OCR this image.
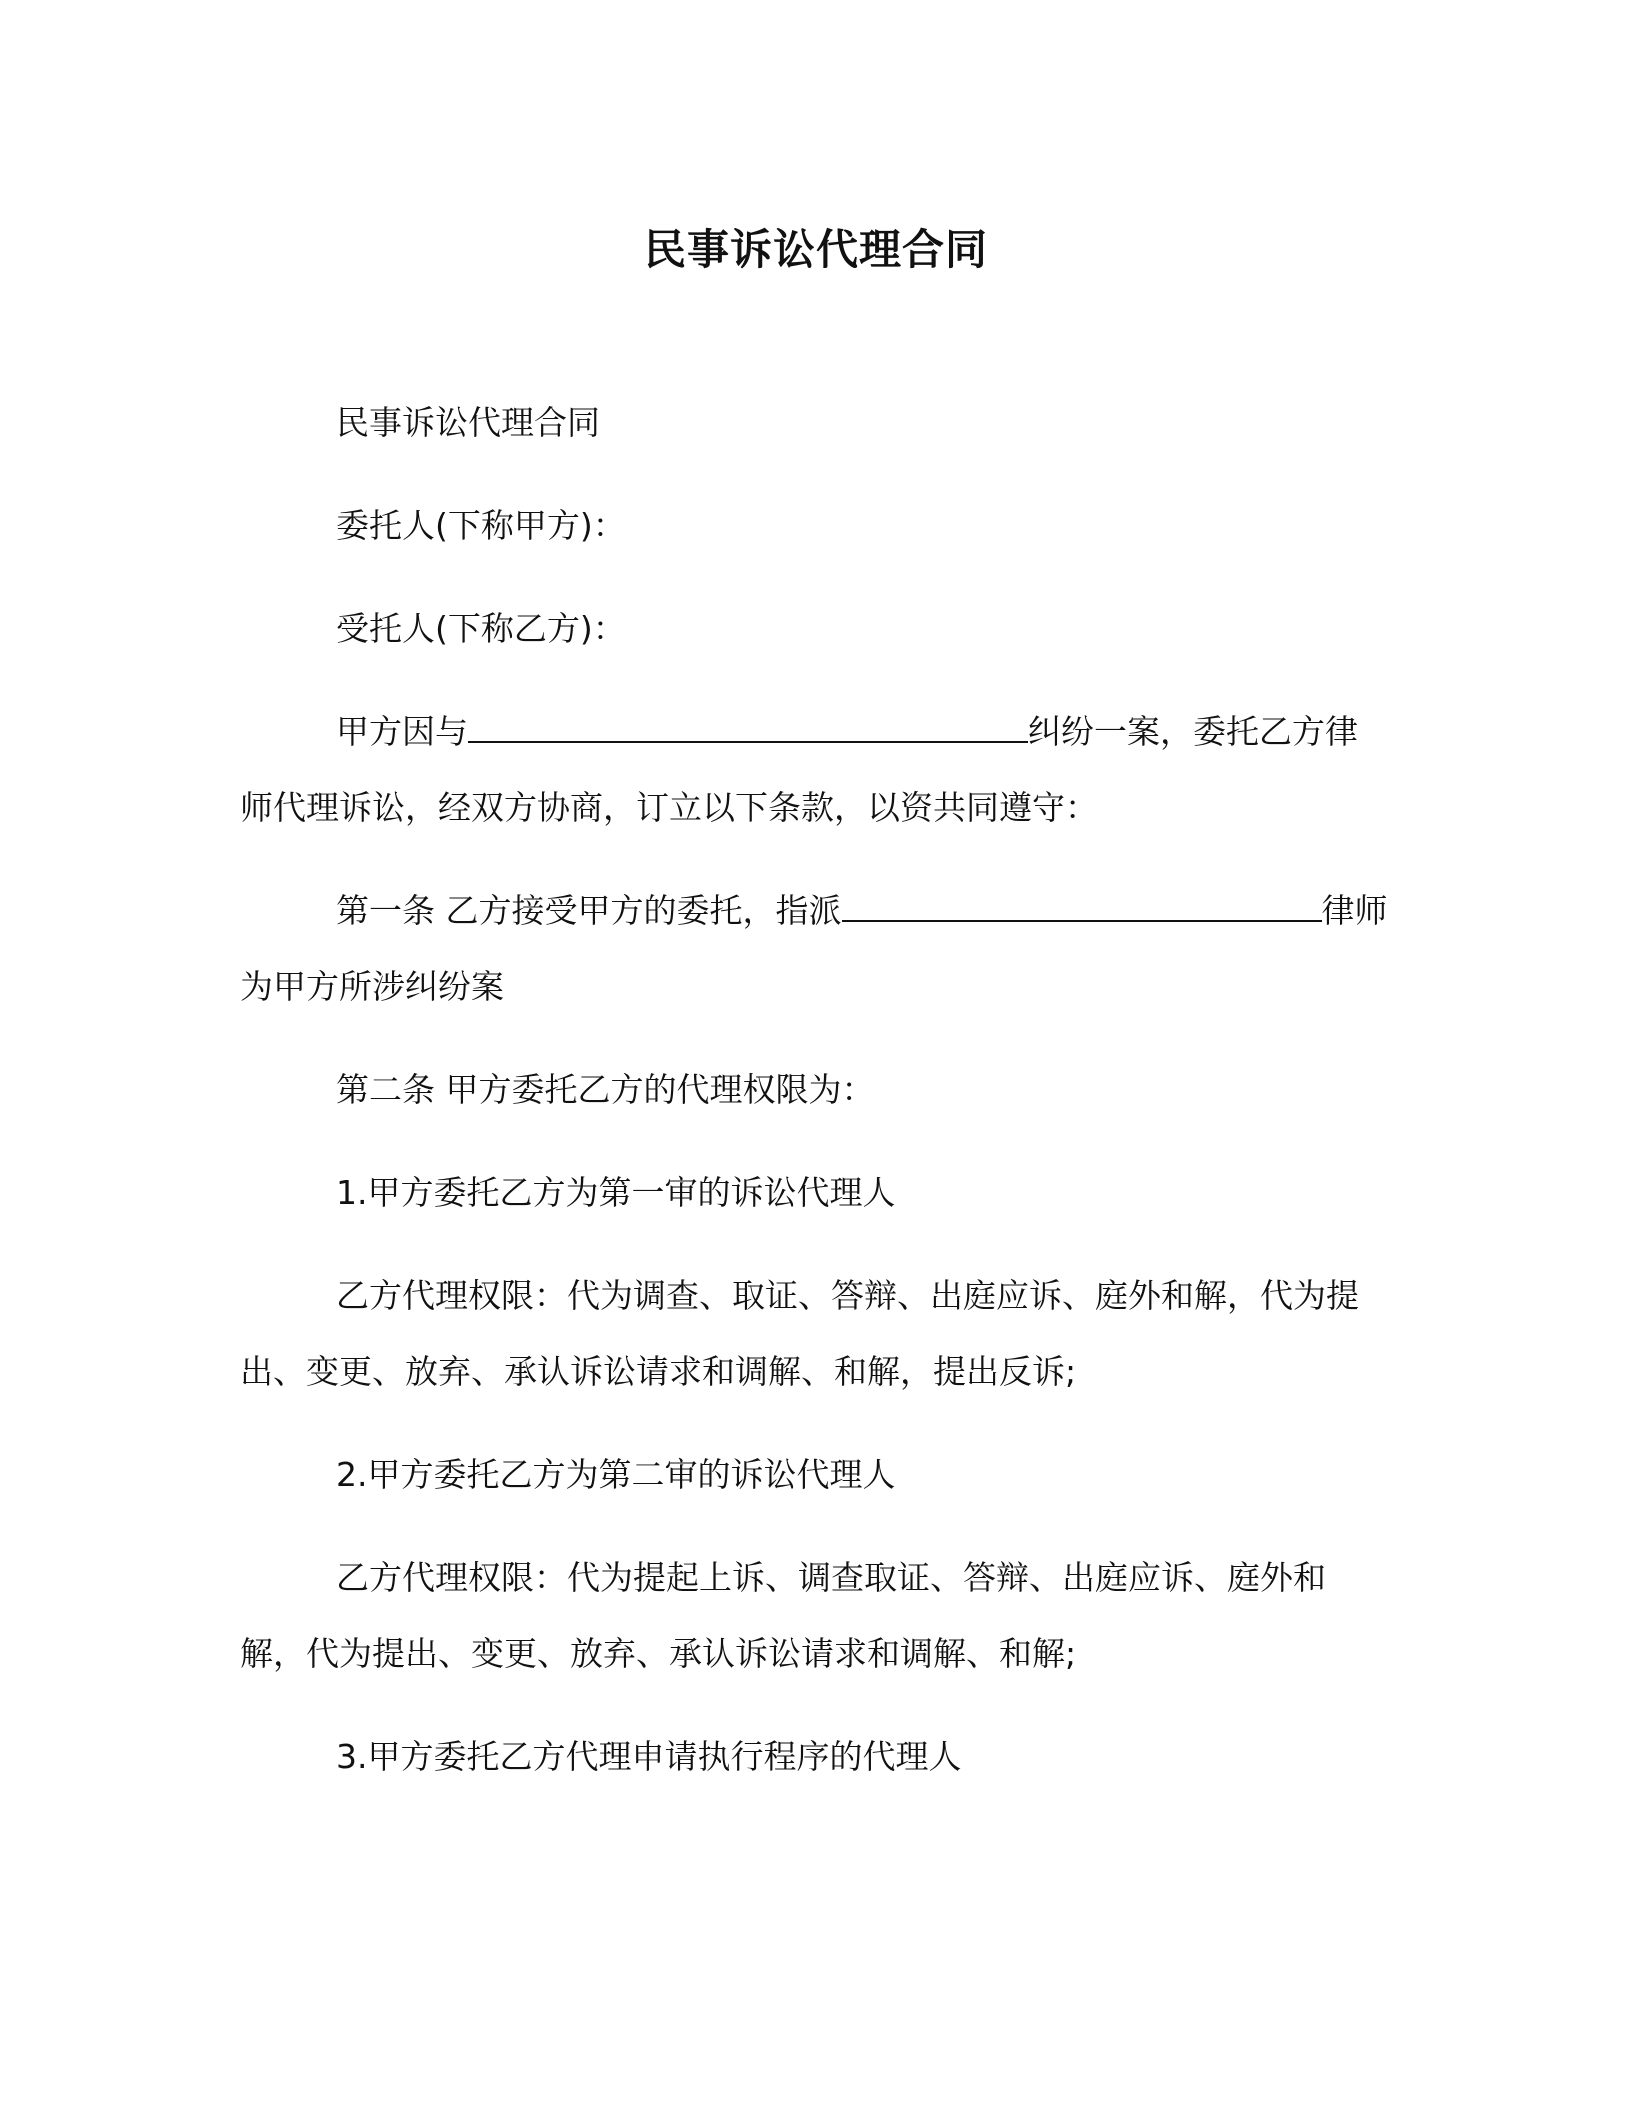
民事诉讼代理合同

民事诉讼代理合同

委托人(下称甲方)：

受托人(下称乙方)：

甲方因与	纠纷一案，委托乙方律师代理诉讼，经双方协商，订立以下条款，以资共同遵守：

第一条 乙方接受甲方的委托，指派	律师为甲方所涉纠纷案

第二条 甲方委托乙方的代理权限为：

1.甲方委托乙方为第一审的诉讼代理人

乙方代理权限：代为调查、取证、答辩、出庭应诉、庭外和解，代为提出、变更、放弃、承认诉讼请求和调解、和解，提出反诉;

2.甲方委托乙方为第二审的诉讼代理人

乙方代理权限：代为提起上诉、调查取证、答辩、出庭应诉、庭外和解，代为提出、变更、放弃、承认诉讼请求和调解、和解;

3.甲方委托乙方代理申请执行程序的代理人
